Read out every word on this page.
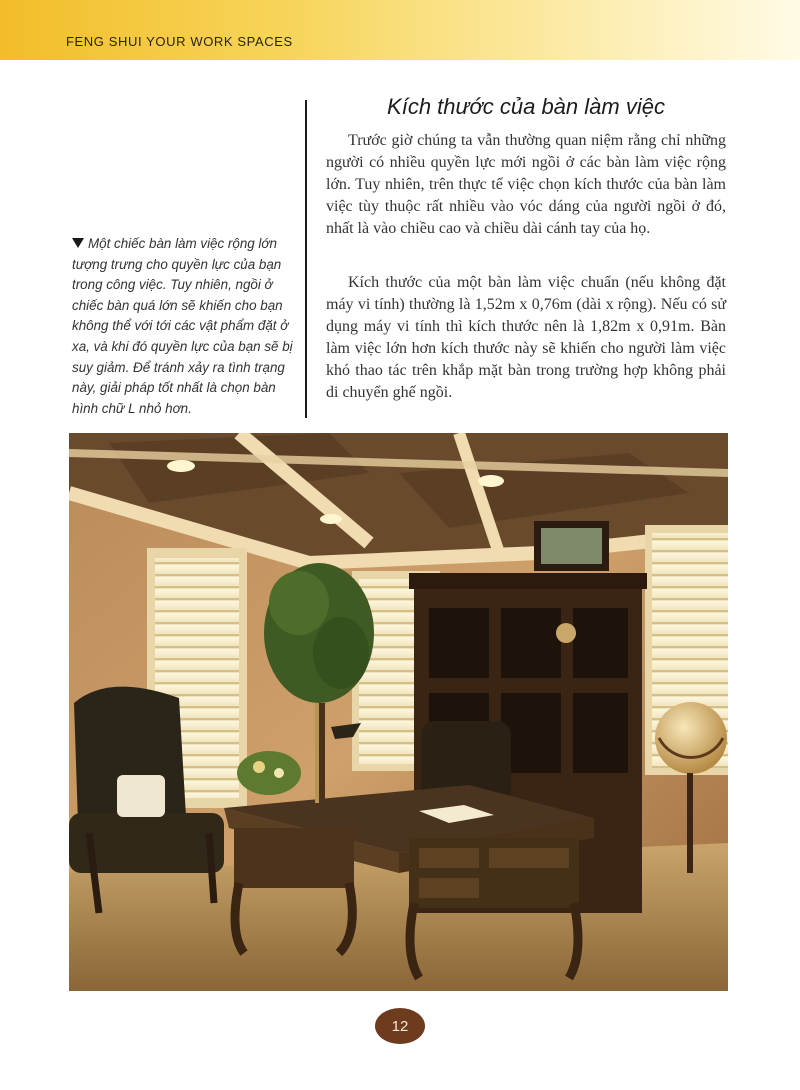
FENG SHUI YOUR WORK SPACES
Một chiếc bàn làm việc rộng lớn tượng trưng cho quyền lực của bạn trong công việc. Tuy nhiên, ngồi ở chiếc bàn quá lớn sẽ khiến cho bạn không thể với tới các vật phẩm đặt ở xa, và khi đó quyền lực của bạn sẽ bị suy giảm. Để tránh xảy ra tình trạng này, giải pháp tốt nhất là chọn bàn hình chữ L nhỏ hơn.
Kích thước của bàn làm việc

Trước giờ chúng ta vẫn thường quan niệm rằng chỉ những người có nhiều quyền lực mới ngồi ở các bàn làm việc rộng lớn. Tuy nhiên, trên thực tế việc chọn kích thước của bàn làm việc tùy thuộc rất nhiều vào vóc dáng của người ngồi ở đó, nhất là vào chiều cao và chiều dài cánh tay của họ.

Kích thước của một bàn làm việc chuẩn (nếu không đặt máy vi tính) thường là 1,52m x 0,76m (dài x rộng). Nếu có sử dụng máy vi tính thì kích thước nên là 1,82m x 0,91m. Bàn làm việc lớn hơn kích thước này sẽ khiến cho người làm việc khó thao tác trên khắp mặt bàn trong trường hợp không phải di chuyển ghế ngồi.

12
